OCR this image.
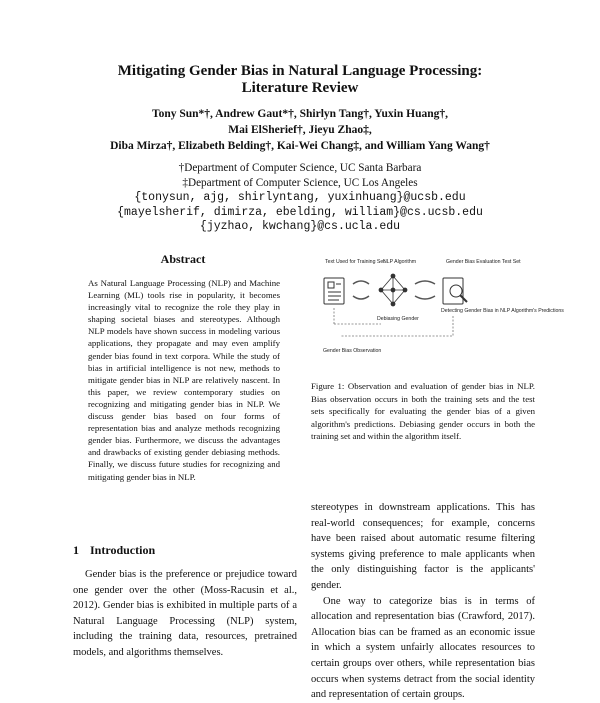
Mitigating Gender Bias in Natural Language Processing:
Literature Review
Tony Sun*†, Andrew Gaut*†, Shirlyn Tang†, Yuxin Huang†,
Mai ElSherief†, Jieyu Zhao‡,
Diba Mirza†, Elizabeth Belding†, Kai-Wei Chang‡, and William Yang Wang†
†Department of Computer Science, UC Santa Barbara
‡Department of Computer Science, UC Los Angeles
{tonysun, ajg, shirlyntang, yuxinhuang}@ucsb.edu
{mayelsherif, dimirza, ebelding, william}@cs.ucsb.edu
{jyzhao, kwchang}@cs.ucla.edu
Abstract
As Natural Language Processing (NLP) and Machine Learning (ML) tools rise in popularity, it becomes increasingly vital to recognize the role they play in shaping societal biases and stereotypes. Although NLP models have shown success in modeling various applications, they propagate and may even amplify gender bias found in text corpora. While the study of bias in artificial intelligence is not new, methods to mitigate gender bias in NLP are relatively nascent. In this paper, we review contemporary studies on recognizing and mitigating gender bias in NLP. We discuss gender bias based on four forms of representation bias and analyze methods recognizing gender bias. Furthermore, we discuss the advantages and drawbacks of existing gender debiasing methods. Finally, we discuss future studies for recognizing and mitigating gender bias in NLP.
1 Introduction
Gender bias is the preference or prejudice toward one gender over the other (Moss-Racusin et al., 2012). Gender bias is exhibited in multiple parts of a Natural Language Processing (NLP) system, including the training data, resources, pretrained models, and algorithms themselves.
Text Used for Training Set
NLP Algorithm	Gender Bias Evaluation Test Set
Detecting Gender Bias in NLP Algorithm's Predictions
Debiasing Gender
Gender Bias Observation
Figure 1: Observation and evaluation of gender bias in NLP. Bias observation occurs in both the training sets and the test sets specifically for evaluating the gender bias of a given algorithm's predictions. Debiasing gender occurs in both the training set and within the algorithm itself.

stereotypes in downstream applications. This has real-world consequences; for example, concerns have been raised about automatic resume filtering systems giving preference to male applicants when the only distinguishing factor is the applicants' gender.

One way to categorize bias is in terms of allocation and representation bias (Crawford, 2017). Allocation bias can be framed as an economic issue in which a system unfairly allocates resources to certain groups over others, while representation bias occurs when systems detract from the social identity and representation of certain groups.
